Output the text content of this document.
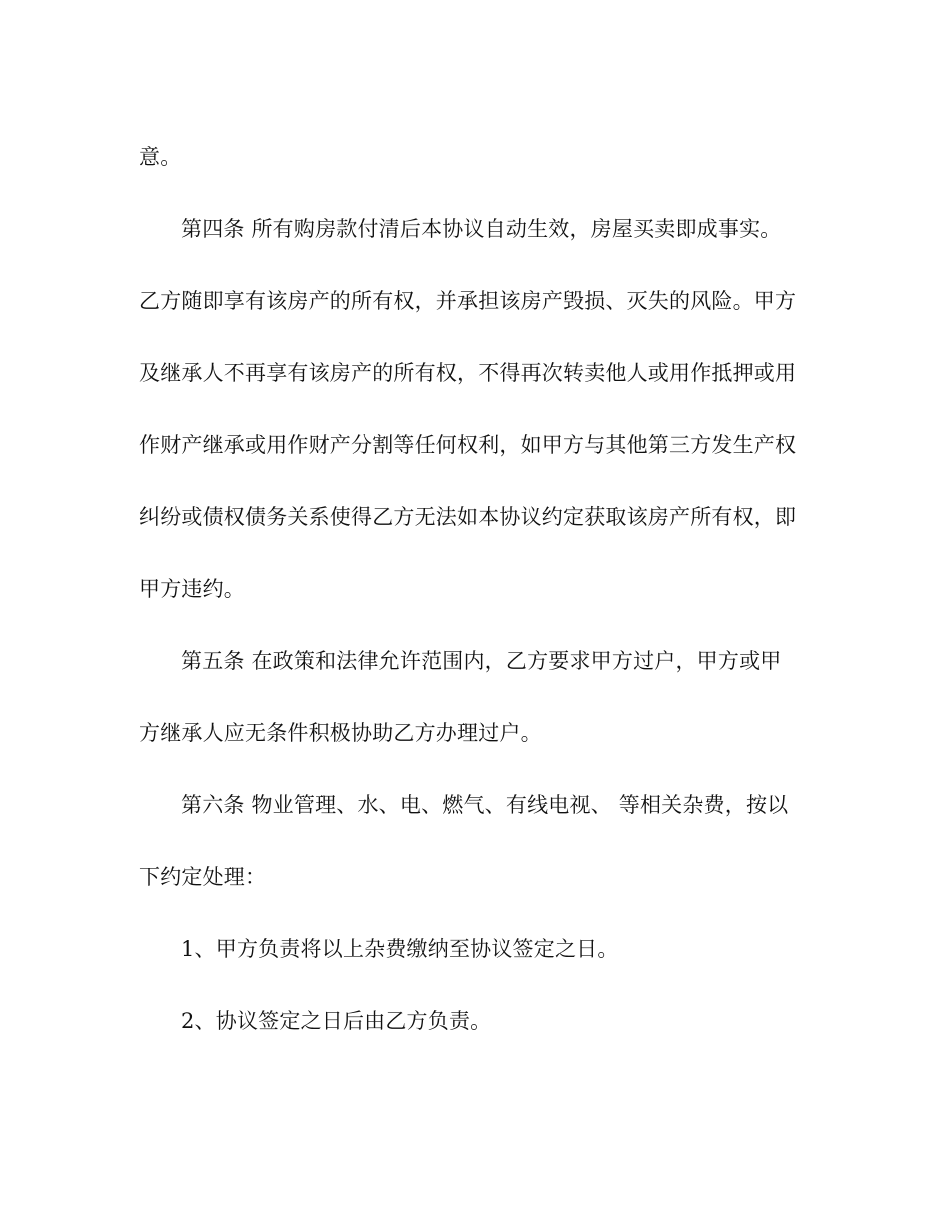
意。
第四条 所有购房款付清后本协议自动生效，房屋买卖即成事实。
乙方随即享有该房产的所有权，并承担该房产毁损、灭失的风险。甲方
及继承人不再享有该房产的所有权，不得再次转卖他人或用作抵押或用
作财产继承或用作财产分割等任何权利，如甲方与其他第三方发生产权
纠纷或债权债务关系使得乙方无法如本协议约定获取该房产所有权，即
甲方违约。
第五条 在政策和法律允许范围内，乙方要求甲方过户，甲方或甲
方继承人应无条件积极协助乙方办理过户。
第六条 物业管理、水、电、燃气、有线电视、 等相关杂费，按以
下约定处理：
1、甲方负责将以上杂费缴纳至协议签定之日。
2、协议签定之日后由乙方负责。
